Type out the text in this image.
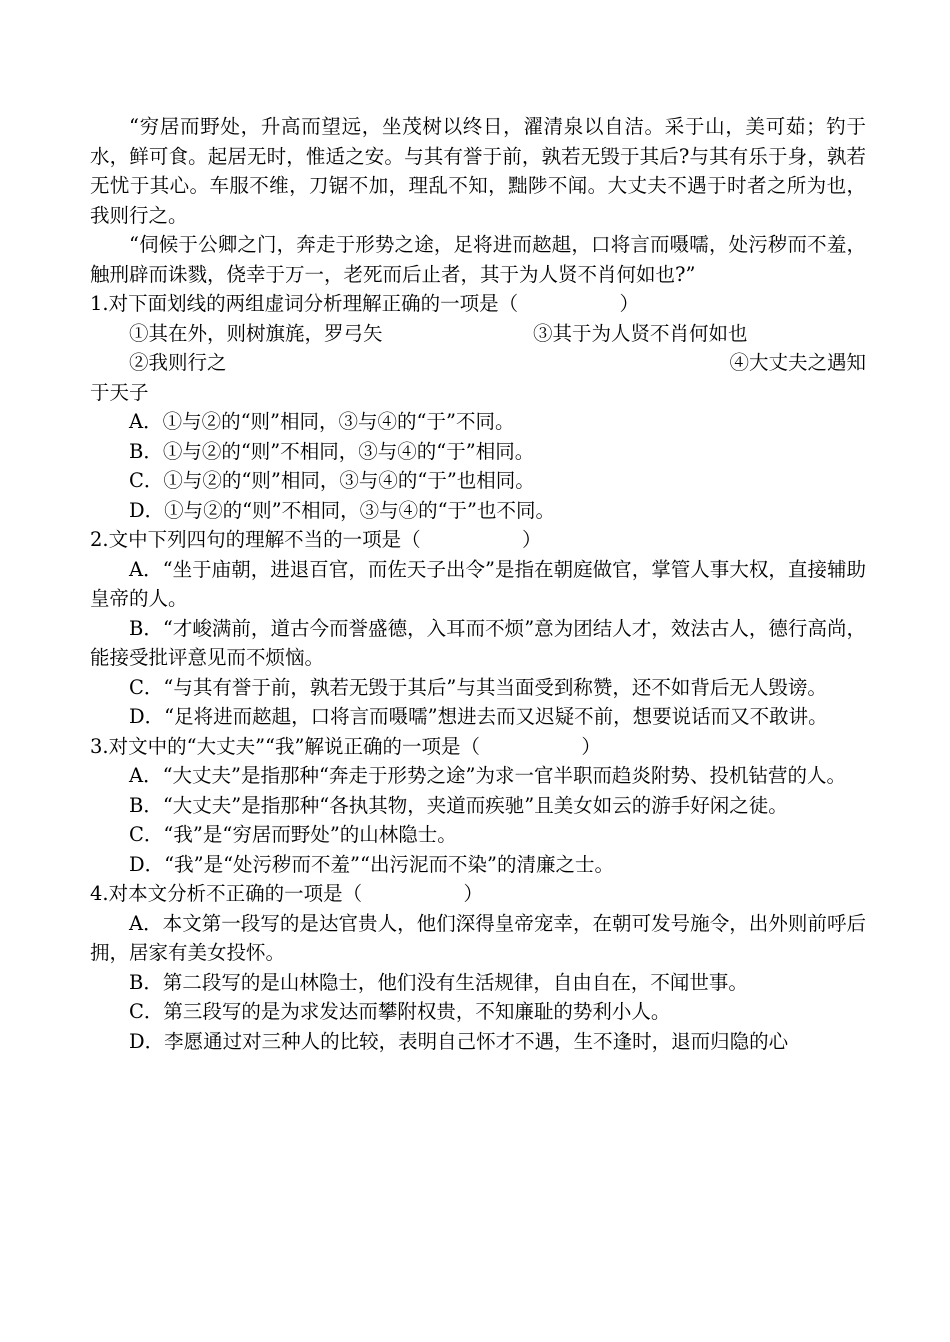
“穷居而野处，升高而望远，坐茂树以终日，濯清泉以自洁。采于山，美可茹；钓于水，鲜可食。起居无时，惟适之安。与其有誉于前，孰若无毁于其后?与其有乐于身，孰若无忧于其心。车服不维，刀锯不加，理乱不知，黜陟不闻。大丈夫不遇于时者之所为也，我则行之。

“伺候于公卿之门，奔走于形势之途，足将进而趑趄，口将言而嗫嚅，处污秽而不羞，触刑辟而诛戮，侥幸于万一，老死而后止者，其于为人贤不肖何如也?”

1.对下面划线的两组虚词分析理解正确的一项是（	）

①其在外，则树旗旄，罗弓矢	③其于为人贤不肖何如也
②我则行之	④大丈夫之遇知

于天子

A．①与②的“则”相同，③与④的“于”不同。

B．①与②的“则”不相同，③与④的“于”相同。

C．①与②的“则”相同，③与④的“于”也相同。

D．①与②的“则”不相同，③与④的“于”也不同。

2.文中下列四句的理解不当的一项是（	）

A．“坐于庙朝，进退百官，而佐天子出令”是指在朝庭做官，掌管人事大权，直接辅助皇帝的人。

B．“才峻满前，道古今而誉盛德，入耳而不烦”意为团结人才，效法古人，德行高尚，能接受批评意见而不烦恼。

C．“与其有誉于前，孰若无毁于其后”与其当面受到称赞，还不如背后无人毁谤。

D．“足将进而趑趄，口将言而嗫嚅”想进去而又迟疑不前，想要说话而又不敢讲。

3.对文中的“大丈夫”“我”解说正确的一项是（	）

A．“大丈夫”是指那种“奔走于形势之途”为求一官半职而趋炎附势、投机钻营的人。

B．“大丈夫”是指那种“各执其物，夹道而疾驰”且美女如云的游手好闲之徒。

C．“我”是“穷居而野处”的山林隐士。

D．“我”是“处污秽而不羞”“出污泥而不染”的清廉之士。

4.对本文分析不正确的一项是（	）

A．本文第一段写的是达官贵人，他们深得皇帝宠幸，在朝可发号施令，出外则前呼后拥，居家有美女投怀。

B．第二段写的是山林隐士，他们没有生活规律，自由自在，不闻世事。

C．第三段写的是为求发达而攀附权贵，不知廉耻的势利小人。

D．李愿通过对三种人的比较，表明自己怀才不遇，生不逢时，退而归隐的心
